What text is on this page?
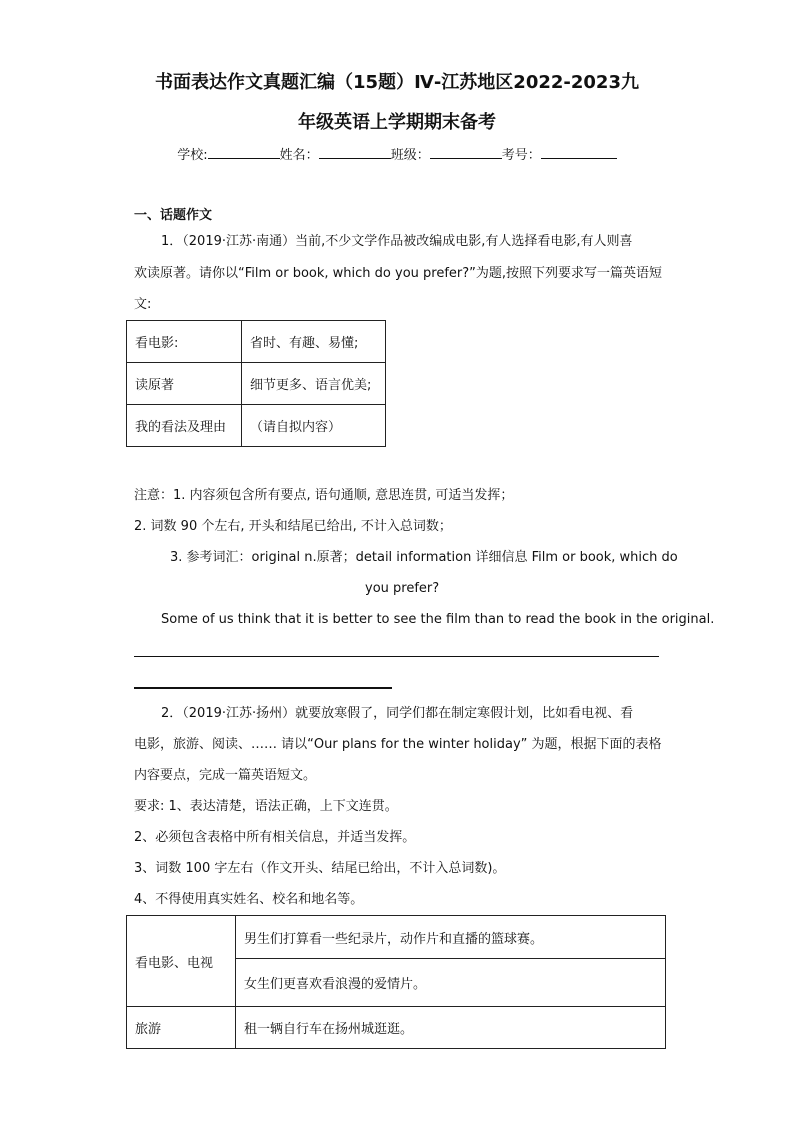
书面表达作文真题汇编（15题）Ⅳ-江苏地区2022-2023九
年级英语上学期期末备考
学校:	姓名：	班级：	考号：
一、话题作文
1．（2019·江苏·南通）当前,不少文学作品被改编成电影,有人选择看电影,有人则喜
欢读原著。请你以“Film or book, which do you prefer?”为题,按照下列要求写一篇英语短
文:
看电影:	省时、有趣、易懂;
读原著	细节更多、语言优美;
我的看法及理由	（请自拟内容）
注意：1. 内容须包含所有要点, 语句通顺, 意思连贯, 可适当发挥；
2. 词数 90 个左右, 开头和结尾已给出, 不计入总词数；
3. 参考词汇：original n.原著；detail information 详细信息 Film or book, which do
you prefer?
Some of us think that it is better to see the film than to read the book in the original.
2．（2019·江苏·扬州）就要放寒假了，同学们都在制定寒假计划，比如看电视、看
电影，旅游、阅读、…… 请以“Our plans for the winter holiday” 为题，根据下面的表格
内容要点，完成一篇英语短文。
要求: 1、表达清楚，语法正确，上下文连贯。
2、必须包含表格中所有相关信息，并适当发挥。
3、词数 100 字左右（作文开头、结尾已给出，不计入总词数)。
4、不得使用真实姓名、校名和地名等。
看电影、电视	男生们打算看一些纪录片，动作片和直播的篮球赛。
	女生们更喜欢看浪漫的爱情片。
旅游	租一辆自行车在扬州城逛逛。
